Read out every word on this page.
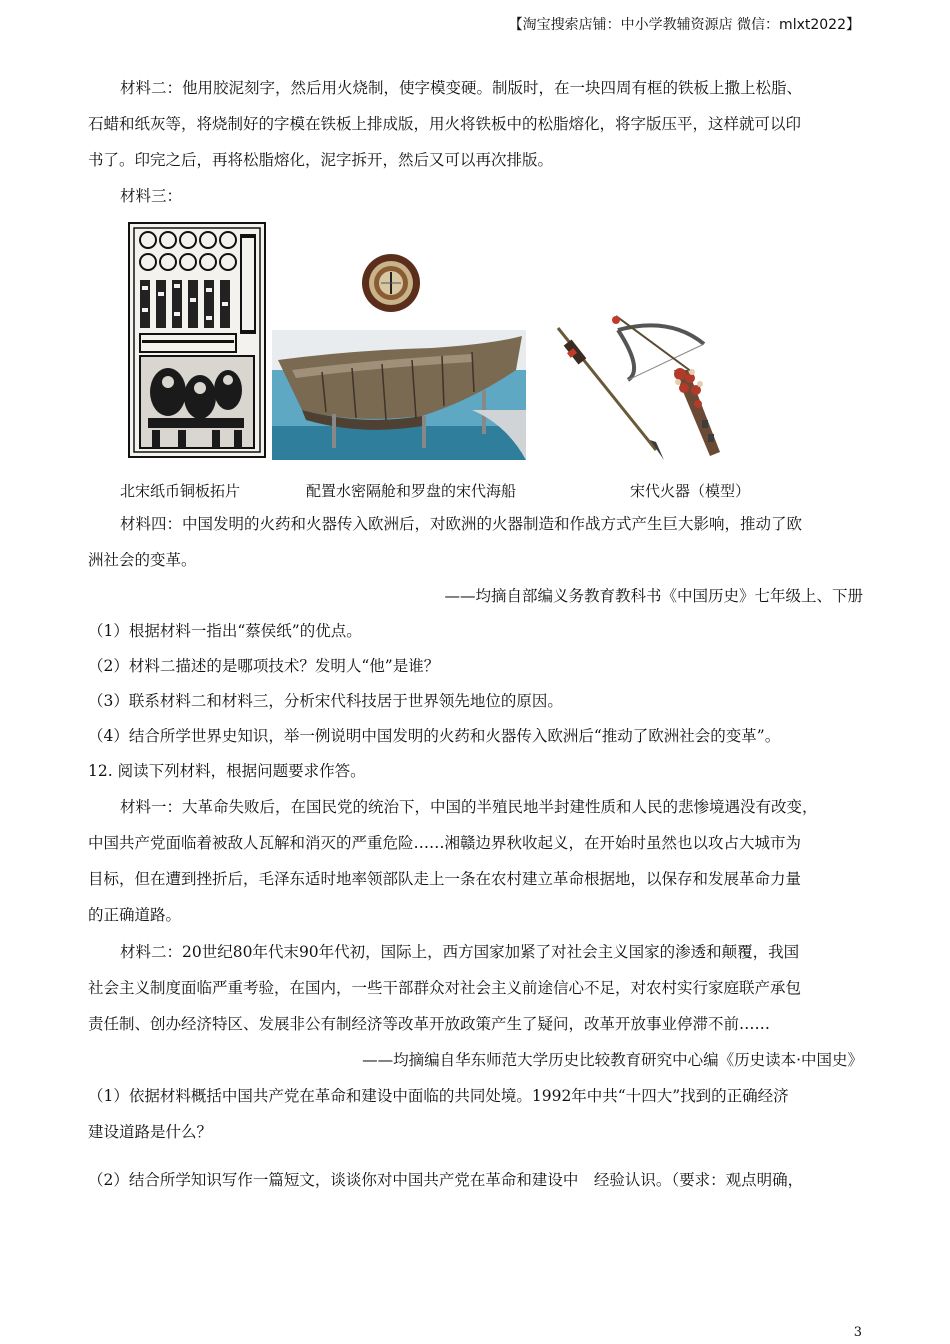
【淘宝搜索店铺：中小学教辅资源店 微信：mlxt2022】
材料二：他用胶泥刻字，然后用火烧制，使字模变硬。制版时，在一块四周有框的铁板上撒上松脂、
石蜡和纸灰等，将烧制好的字模在铁板上排成版，用火将铁板中的松脂熔化，将字版压平，这样就可以印
书了。印完之后，再将松脂熔化，泥字拆开，然后又可以再次排版。
材料三：
北宋纸币铜板拓片	配置水密隔舱和罗盘的宋代海船	宋代火器（模型）
材料四：中国发明的火药和火器传入欧洲后，对欧洲的火器制造和作战方式产生巨大影响，推动了欧
洲社会的变革。
——均摘自部编义务教育教科书《中国历史》七年级上、下册
（1）根据材料一指出“蔡侯纸”的优点。
（2）材料二描述的是哪项技术？发明人“他”是谁？
（3）联系材料二和材料三，分析宋代科技居于世界领先地位的原因。
（4）结合所学世界史知识，举一例说明中国发明的火药和火器传入欧洲后“推动了欧洲社会的变革”。
12. 阅读下列材料，根据问题要求作答。
材料一：大革命失败后，在国民党的统治下，中国的半殖民地半封建性质和人民的悲惨境遇没有改变，
中国共产党面临着被敌人瓦解和消灭的严重危险……湘赣边界秋收起义，在开始时虽然也以攻占大城市为
目标，但在遭到挫折后，毛泽东适时地率领部队走上一条在农村建立革命根据地，以保存和发展革命力量
的正确道路。
材料二：20世纪80年代末90年代初，国际上，西方国家加紧了对社会主义国家的渗透和颠覆，我国
社会主义制度面临严重考验，在国内，一些干部群众对社会主义前途信心不足，对农村实行家庭联产承包
责任制、创办经济特区、发展非公有制经济等改革开放政策产生了疑问，改革开放事业停滞不前……
——均摘编自华东师范大学历史比较教育研究中心编《历史读本·中国史》
（1）依据材料概括中国共产党在革命和建设中面临的共同处境。1992年中共“十四大”找到的正确经济
建设道路是什么？
（2）结合所学知识写作一篇短文，谈谈你对中国共产党在革命和建设中　经验认识。（要求：观点明确，
3
